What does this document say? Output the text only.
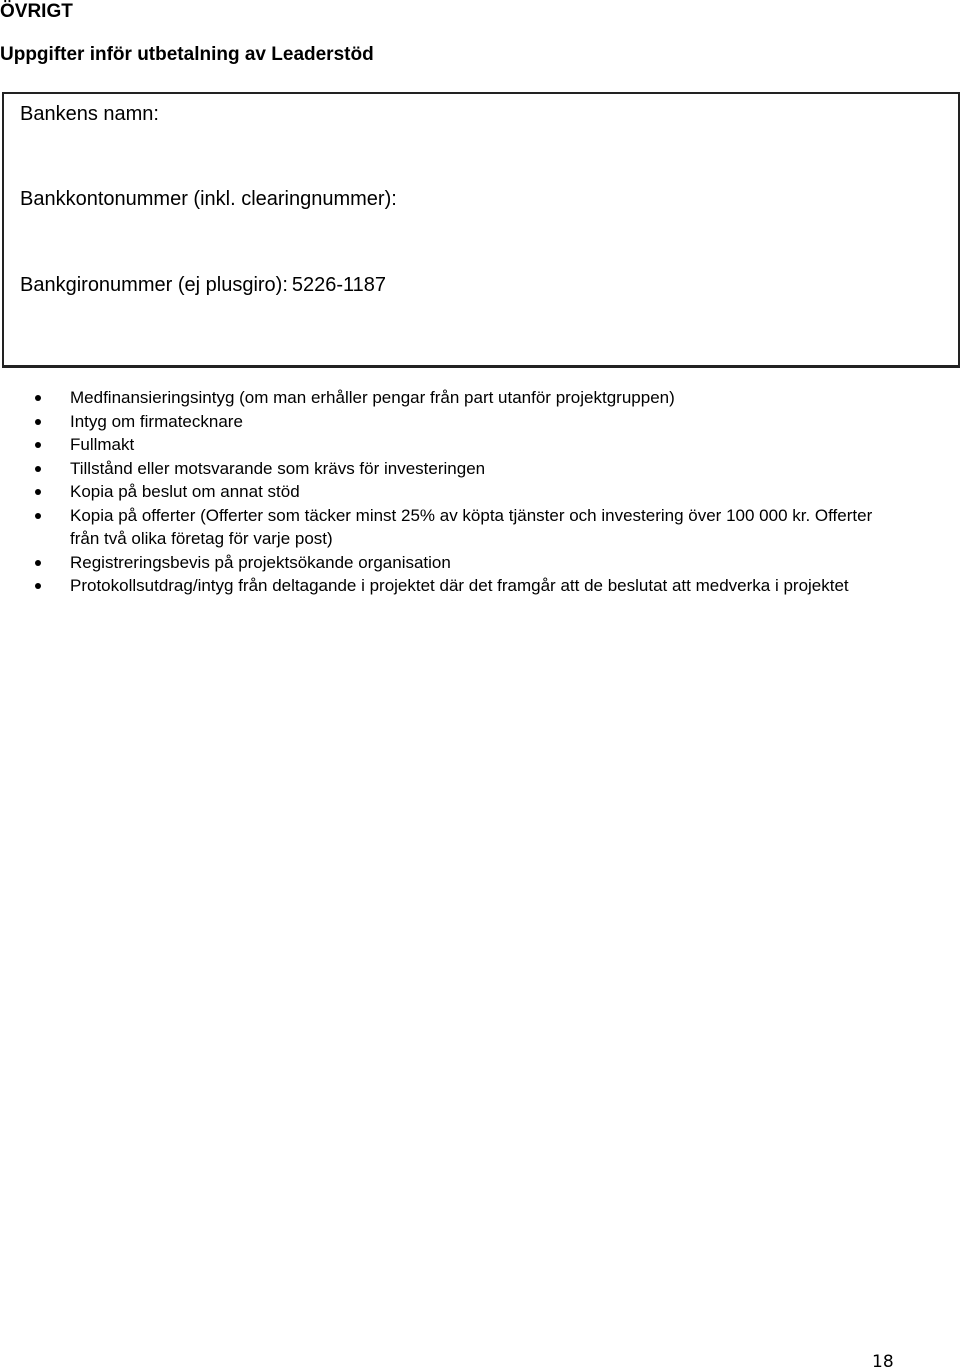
ÖVRIGT
Uppgifter inför utbetalning av Leaderstöd
Bankens namn:
Bankkontonummer (inkl. clearingnummer):
Bankgironummer (ej plusgiro): 5226-1187
Medfinansieringsintyg (om man erhåller pengar från part utanför projektgruppen)
Intyg om firmatecknare
Fullmakt
Tillstånd eller motsvarande som krävs för investeringen
Kopia på beslut om annat stöd
Kopia på offerter (Offerter som täcker minst 25% av köpta tjänster och investering över 100 000 kr. Offerter från två olika företag för varje post)
Registreringsbevis på projektsökande organisation
Protokollsutdrag/intyg från deltagande i projektet där det framgår att de beslutat att medverka i projektet
18
